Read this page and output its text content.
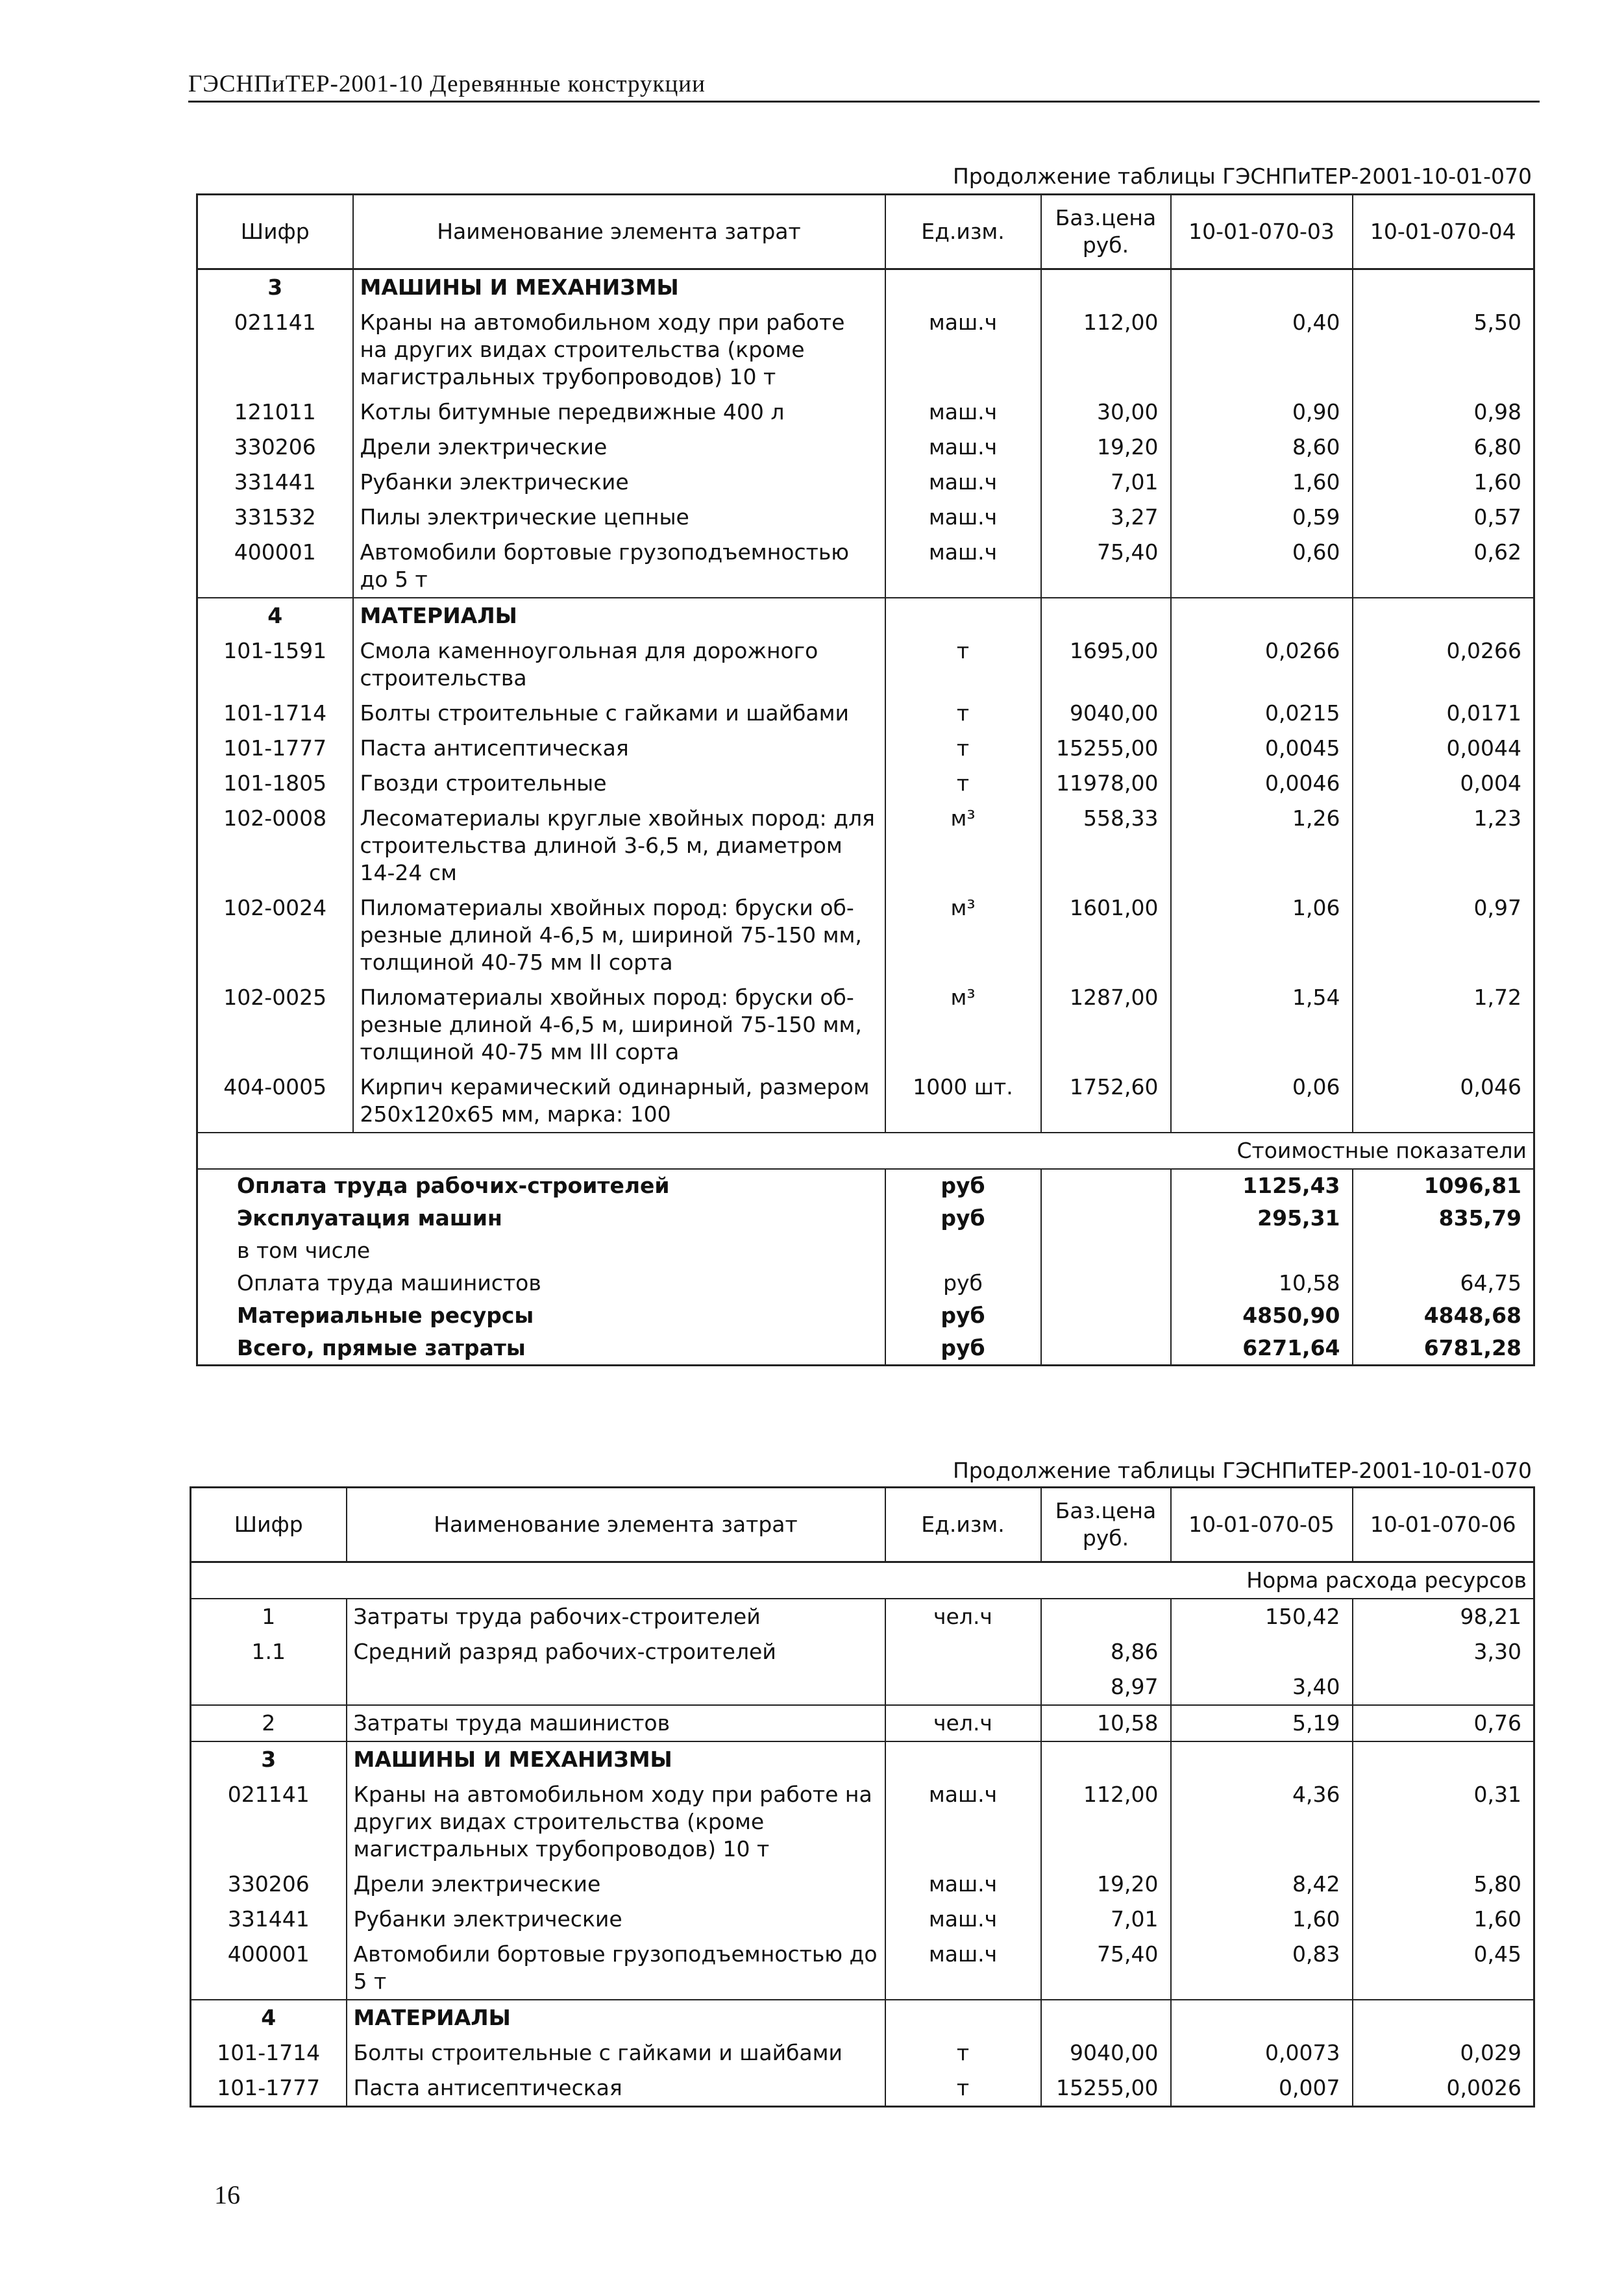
ГЭСНПиТЕР-2001-10 Деревянные конструкции
Продолжение таблицы ГЭСНПиТЕР-2001-10-01-070
Шифр	Наименование элемента затрат	Ед.изм.	Баз.цена руб.	10-01-070-03	10-01-070-04
3	МАШИНЫ И МЕХАНИЗМЫ				
021141	Краны на автомобильном ходу при работе на других видах строительства (кроме магистральных трубопроводов) 10 т	маш.ч	112,00	0,40	5,50
121011	Котлы битумные передвижные 400 л	маш.ч	30,00	0,90	0,98
330206	Дрели электрические	маш.ч	19,20	8,60	6,80
331441	Рубанки электрические	маш.ч	7,01	1,60	1,60
331532	Пилы электрические цепные	маш.ч	3,27	0,59	0,57
400001	Автомобили бортовые грузоподъемностью до 5 т	маш.ч	75,40	0,60	0,62
4	МАТЕРИАЛЫ				
101-1591	Смола каменноугольная для дорожного строительства	т	1695,00	0,0266	0,0266
101-1714	Болты строительные с гайками и шайбами	т	9040,00	0,0215	0,0171
101-1777	Паста антисептическая	т	15255,00	0,0045	0,0044
101-1805	Гвозди строительные	т	11978,00	0,0046	0,004
102-0008	Лесоматериалы круглые хвойных пород: для строительства длиной 3-6,5 м, диаметром 14-24 см	м³	558,33	1,26	1,23
102-0024	Пиломатериалы хвойных пород: бруски об-резные длиной 4-6,5 м, шириной 75-150 мм, толщиной 40-75 мм II сорта	м³	1601,00	1,06	0,97
102-0025	Пиломатериалы хвойных пород: бруски об-резные длиной 4-6,5 м, шириной 75-150 мм, толщиной 40-75 мм III сорта	м³	1287,00	1,54	1,72
404-0005	Кирпич керамический одинарный, размером 250x120x65 мм, марка: 100	1000 шт.	1752,60	0,06	0,046
Стоимостные показатели					
Оплата труда рабочих-строителей		руб		1125,43	1096,81
Эксплуатация машин		руб		295,31	835,79
в том числе					
Оплата труда машинистов		руб		10,58	64,75
Материальные ресурсы		руб		4850,90	4848,68
Всего, прямые затраты		руб		6271,64	6781,28
Продолжение таблицы ГЭСНПиТЕР-2001-10-01-070
Шифр	Наименование элемента затрат	Ед.изм.	Баз.цена руб.	10-01-070-05	10-01-070-06
Норма расхода ресурсов					
1	Затраты труда рабочих-строителей	чел.ч		150,42	98,21
1.1	Средний разряд рабочих-строителей		8,86		3,30
			8,97	3,40	
2	Затраты труда машинистов	чел.ч	10,58	5,19	0,76
3	МАШИНЫ И МЕХАНИЗМЫ				
021141	Краны на автомобильном ходу при работе на других видах строительства (кроме магистральных трубопроводов) 10 т	маш.ч	112,00	4,36	0,31
330206	Дрели электрические	маш.ч	19,20	8,42	5,80
331441	Рубанки электрические	маш.ч	7,01	1,60	1,60
400001	Автомобили бортовые грузоподъемностью до 5 т	маш.ч	75,40	0,83	0,45
4	МАТЕРИАЛЫ				
101-1714	Болты строительные с гайками и шайбами	т	9040,00	0,0073	0,029
101-1777	Паста антисептическая	т	15255,00	0,007	0,0026
16
